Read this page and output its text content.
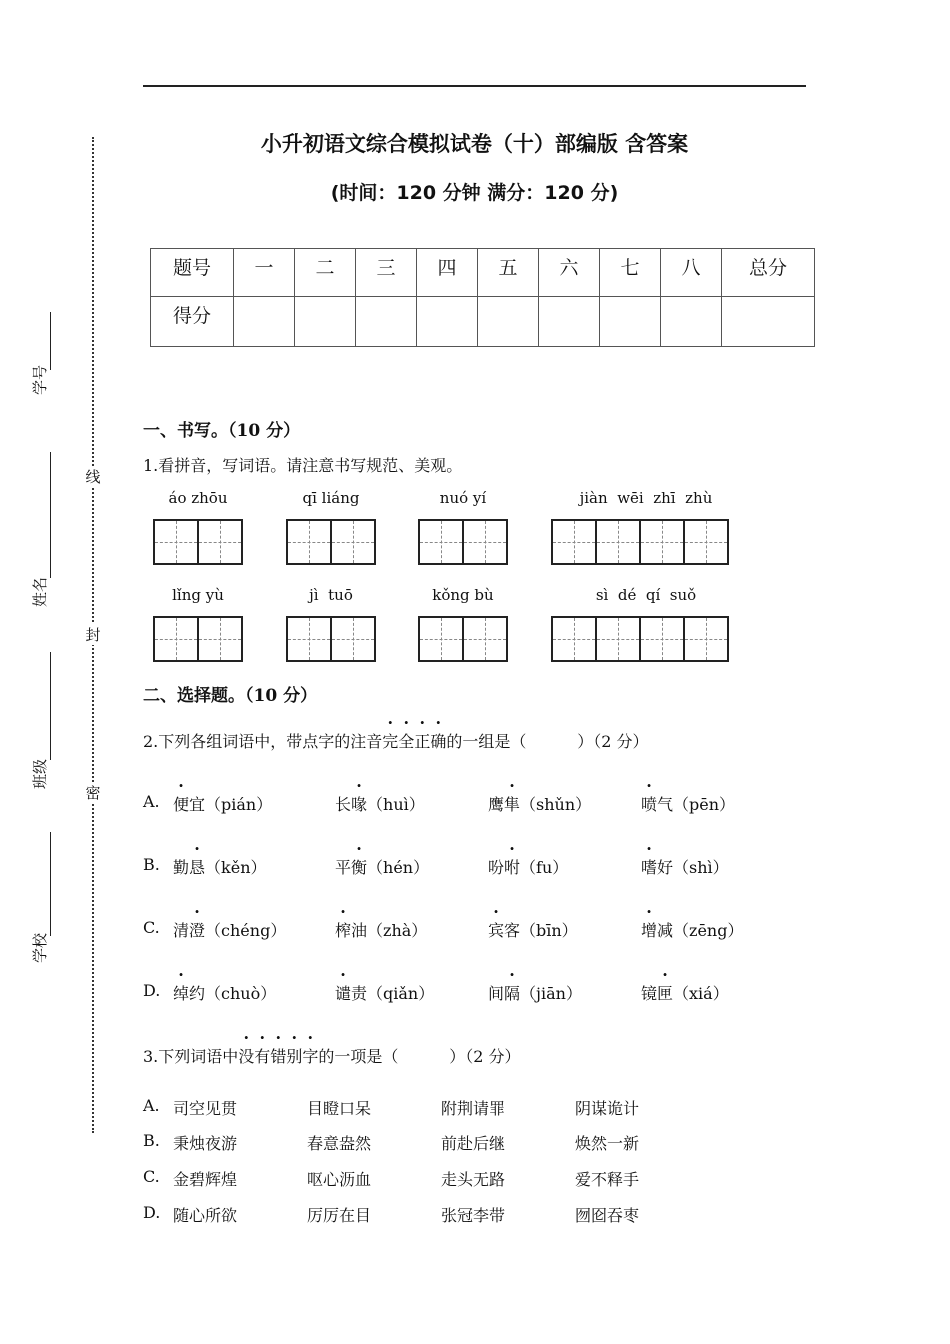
小升初语文综合模拟试卷（十）部编版 含答案
(时间：120 分钟 满分：120 分)
题号	一	二	三	四	五	六	七	八	总分
得分									
线
封
密
学号
姓名
班级
学校
一、书写。（10 分）
1.看拼音，写词语。请注意书写规范、美观。
áo zhōu	qī liáng	nuó yí	jiàn  wēi  zhī  zhù
lǐng yù	jì  tuō	kǒng bù	sì  dé  qí  suǒ
二、选择题。（10 分）
2.下列各组词语中，带点字的注音完全正确的一组是（          ）（2 分）
A. 便宜（pián）	长喙（huì）	鹰隼（shǔn）	喷气（pēn）
B. 勤恳（kěn）	平衡（hén）	吩咐（fu）	嗜好（shì）
C. 清澄（chéng）	榨油（zhà）	宾客（bīn）	增减（zēng）
D. 绰约（chuò）	谴责（qiǎn）	间隔（jiān）	镜匣（xiá）
3.下列词语中没有错别字的一项是（          ）（2 分）
A. 司空见贯	目瞪口呆	附荆请罪	阴谋诡计
B. 秉烛夜游	春意盎然	前赴后继	焕然一新
C. 金碧辉煌	呕心沥血	走头无路	爱不释手
D. 随心所欲	厉厉在目	张冠李带	囫囵吞枣
